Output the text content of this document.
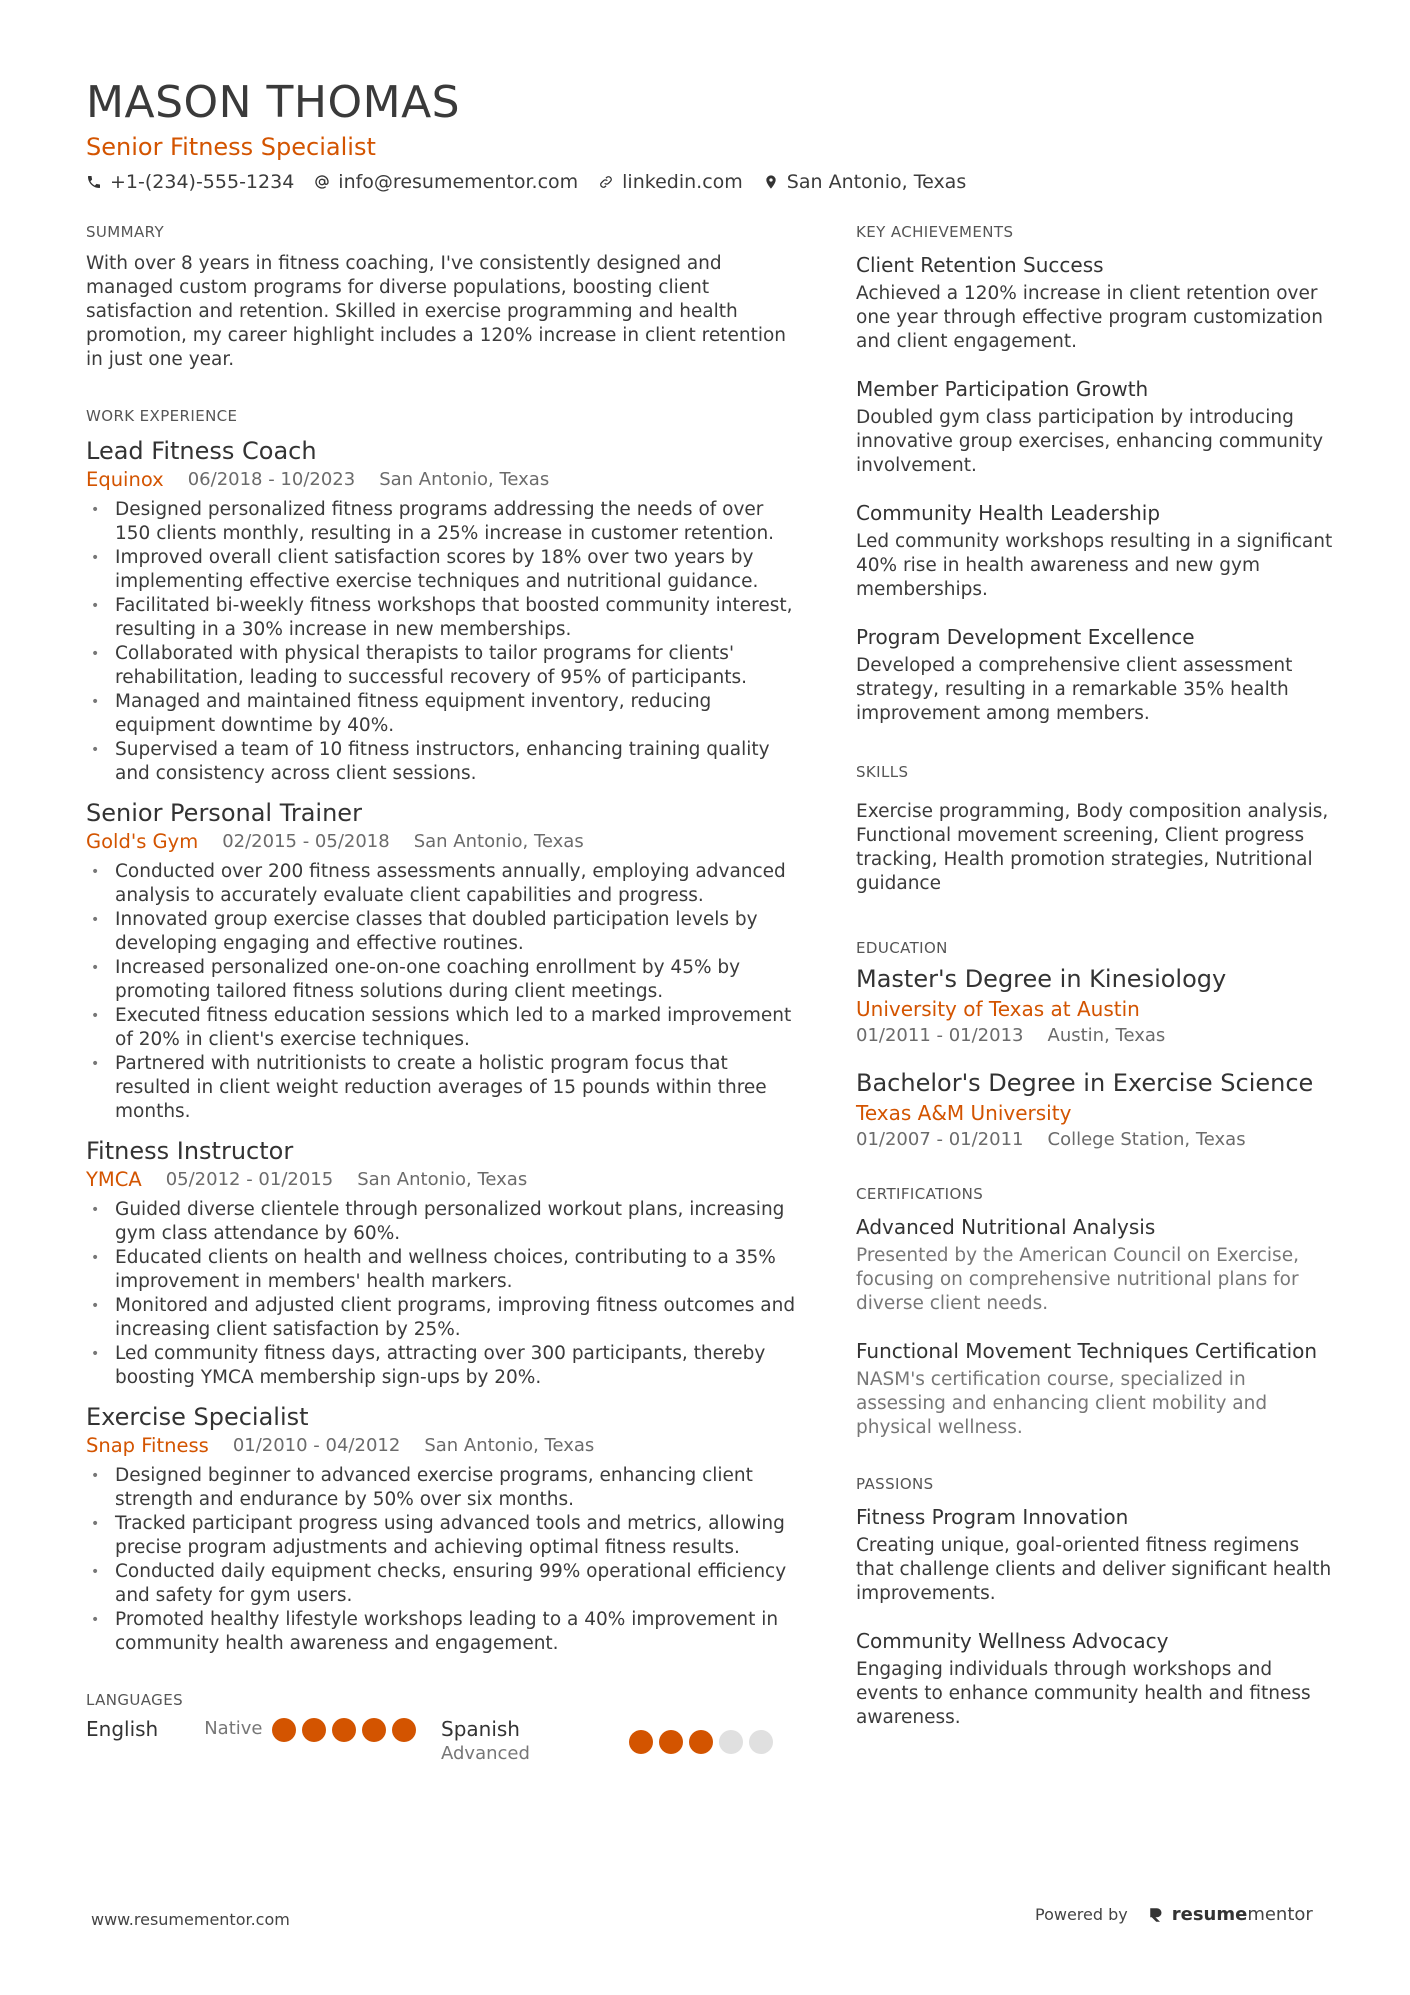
MASON THOMAS
Senior Fitness Specialist
+1-(234)-555-1234 info@resumementor.com linkedin.com San Antonio, Texas
SUMMARY
With over 8 years in fitness coaching, I've consistently designed and managed custom programs for diverse populations, boosting client satisfaction and retention. Skilled in exercise programming and health promotion, my career highlight includes a 120% increase in client retention in just one year.
WORK EXPERIENCE
Lead Fitness Coach
Equinox 06/2018 - 10/2023 San Antonio, Texas
• Designed personalized fitness programs addressing the needs of over 150 clients monthly, resulting in a 25% increase in customer retention.
• Improved overall client satisfaction scores by 18% over two years by implementing effective exercise techniques and nutritional guidance.
• Facilitated bi-weekly fitness workshops that boosted community interest, resulting in a 30% increase in new memberships.
• Collaborated with physical therapists to tailor programs for clients' rehabilitation, leading to successful recovery of 95% of participants.
• Managed and maintained fitness equipment inventory, reducing equipment downtime by 40%.
• Supervised a team of 10 fitness instructors, enhancing training quality and consistency across client sessions.
Senior Personal Trainer
Gold's Gym 02/2015 - 05/2018 San Antonio, Texas
• Conducted over 200 fitness assessments annually, employing advanced analysis to accurately evaluate client capabilities and progress.
• Innovated group exercise classes that doubled participation levels by developing engaging and effective routines.
• Increased personalized one-on-one coaching enrollment by 45% by promoting tailored fitness solutions during client meetings.
• Executed fitness education sessions which led to a marked improvement of 20% in client's exercise techniques.
• Partnered with nutritionists to create a holistic program focus that resulted in client weight reduction averages of 15 pounds within three months.
Fitness Instructor
YMCA 05/2012 - 01/2015 San Antonio, Texas
• Guided diverse clientele through personalized workout plans, increasing gym class attendance by 60%.
• Educated clients on health and wellness choices, contributing to a 35% improvement in members' health markers.
• Monitored and adjusted client programs, improving fitness outcomes and increasing client satisfaction by 25%.
• Led community fitness days, attracting over 300 participants, thereby boosting YMCA membership sign-ups by 20%.
Exercise Specialist
Snap Fitness 01/2010 - 04/2012 San Antonio, Texas
• Designed beginner to advanced exercise programs, enhancing client strength and endurance by 50% over six months.
• Tracked participant progress using advanced tools and metrics, allowing precise program adjustments and achieving optimal fitness results.
• Conducted daily equipment checks, ensuring 99% operational efficiency and safety for gym users.
• Promoted healthy lifestyle workshops leading to a 40% improvement in community health awareness and engagement.
LANGUAGES
English	Native	Spanish
Advanced
KEY ACHIEVEMENTS
Client Retention Success
Achieved a 120% increase in client retention over one year through effective program customization and client engagement.
Member Participation Growth
Doubled gym class participation by introducing innovative group exercises, enhancing community involvement.
Community Health Leadership
Led community workshops resulting in a significant 40% rise in health awareness and new gym memberships.
Program Development Excellence
Developed a comprehensive client assessment strategy, resulting in a remarkable 35% health improvement among members.
SKILLS
Exercise programming, Body composition analysis, Functional movement screening, Client progress tracking, Health promotion strategies, Nutritional guidance
EDUCATION
Master's Degree in Kinesiology
University of Texas at Austin
01/2011 - 01/2013 Austin, Texas
Bachelor's Degree in Exercise Science
Texas A&M University
01/2007 - 01/2011 College Station, Texas
CERTIFICATIONS
Advanced Nutritional Analysis
Presented by the American Council on Exercise, focusing on comprehensive nutritional plans for diverse client needs.
Functional Movement Techniques Certification
NASM's certification course, specialized in assessing and enhancing client mobility and physical wellness.
PASSIONS
Fitness Program Innovation
Creating unique, goal-oriented fitness regimens that challenge clients and deliver significant health improvements.
Community Wellness Advocacy
Engaging individuals through workshops and events to enhance community health and fitness awareness.
www.resumementor.com	Powered by resumementor
